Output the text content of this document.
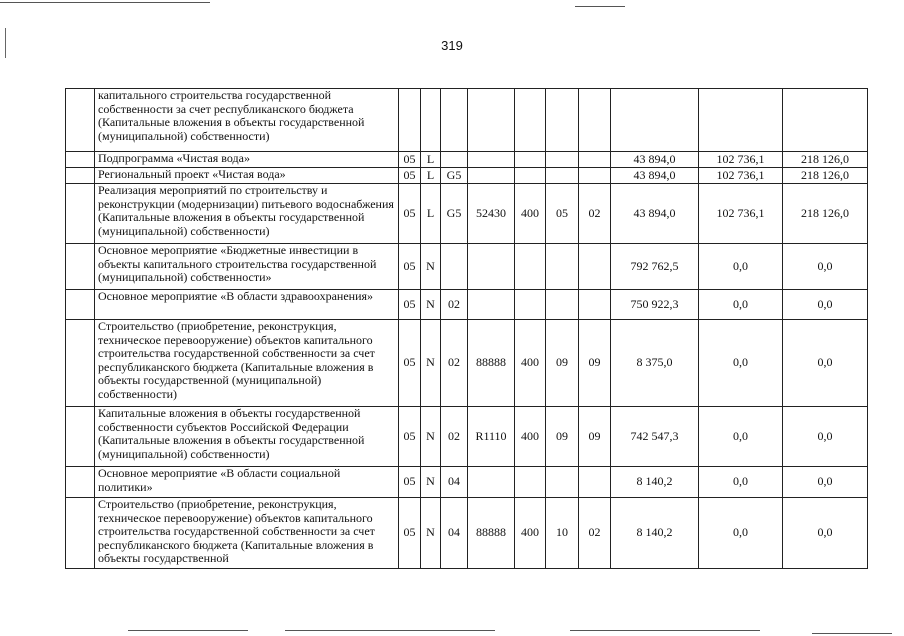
319
	капитального строительства государственной собственности за счет республиканского бюджета (Капитальные вложения в объекты государственной (муниципальной) собственности)										
	Подпрограмма «Чистая вода»	05	L						43 894,0	102 736,1	218 126,0
	Региональный проект «Чистая вода»	05	L	G5					43 894,0	102 736,1	218 126,0
	Реализация мероприятий по строительству и реконструкции (модернизации) питьевого водоснабжения (Капитальные вложения в объекты государственной (муниципальной) собственности)	05	L	G5	52430	400	05	02	43 894,0	102 736,1	218 126,0
	Основное мероприятие «Бюджетные инвестиции в объекты капитального строительства государственной (муниципальной) собственности»	05	N						792 762,5	0,0	0,0
	Основное мероприятие «В области здравоохранения»	05	N	02					750 922,3	0,0	0,0
	Строительство (приобретение, реконструкция, техническое перевооружение) объектов капитального строительства государственной собственности за счет республиканского бюджета (Капитальные вложения в объекты государственной (муниципальной) собственности)	05	N	02	88888	400	09	09	8 375,0	0,0	0,0
	Капитальные вложения в объекты государственной собственности субъектов Российской Федерации (Капитальные вложения в объекты государственной (муниципальной) собственности)	05	N	02	R1110	400	09	09	742 547,3	0,0	0,0
	Основное мероприятие «В области социальной политики»	05	N	04					8 140,2	0,0	0,0
	Строительство (приобретение, реконструкция, техническое перевооружение) объектов капитального строительства государственной собственности за счет республиканского бюджета (Капитальные вложения в объекты государственной	05	N	04	88888	400	10	02	8 140,2	0,0	0,0
